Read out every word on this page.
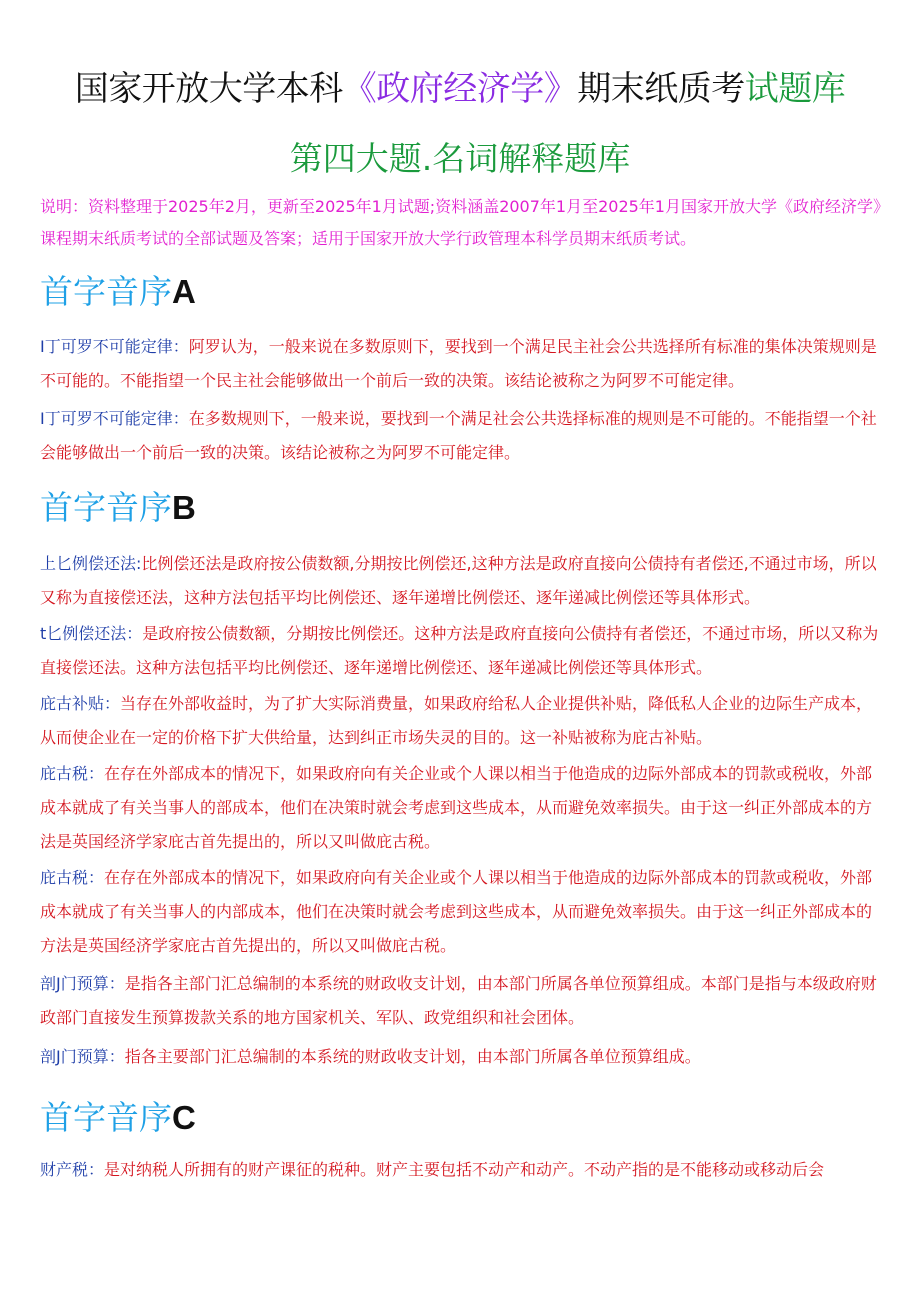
国家开放大学本科《政府经济学》期末纸质考试题库
第四大题.名词解释题库
说明：资料整理于2025年2月，更新至2025年1月试题;资料涵盖2007年1月至2025年1月国家开放大学《政府经济学》课程期末纸质考试的全部试题及答案；适用于国家开放大学行政管理本科学员期末纸质考试。
首字音序A
I丁可罗不可能定律：阿罗认为，一般来说在多数原则下，要找到一个满足民主社会公共选择所有标准的集体决策规则是不可能的。不能指望一个民主社会能够做出一个前后一致的决策。该结论被称之为阿罗不可能定律。
I丁可罗不可能定律：在多数规则下，一般来说，要找到一个满足社会公共选择标准的规则是不可能的。不能指望一个社会能够做出一个前后一致的决策。该结论被称之为阿罗不可能定律。
首字音序B
上匕例偿还法:比例偿还法是政府按公债数额,分期按比例偿还,这种方法是政府直接向公债持有者偿还,不通过市场，所以又称为直接偿还法，这种方法包括平均比例偿还、逐年递增比例偿还、逐年递减比例偿还等具体形式。
t匕例偿还法：是政府按公债数额，分期按比例偿还。这种方法是政府直接向公债持有者偿还，不通过市场，所以又称为直接偿还法。这种方法包括平均比例偿还、逐年递增比例偿还、逐年递减比例偿还等具体形式。
庇古补贴：当存在外部收益时，为了扩大实际消费量，如果政府给私人企业提供补贴，降低私人企业的边际生产成本，从而使企业在一定的价格下扩大供给量，达到纠正市场失灵的目的。这一补贴被称为庇古补贴。
庇古税：在存在外部成本的情况下，如果政府向有关企业或个人课以相当于他造成的边际外部成本的罚款或税收，外部成本就成了有关当事人的部成本，他们在决策时就会考虑到这些成本，从而避免效率损失。由于这一纠正外部成本的方法是英国经济学家庇古首先提出的，所以又叫做庇古税。
庇古税：在存在外部成本的情况下，如果政府向有关企业或个人课以相当于他造成的边际外部成本的罚款或税收，外部成本就成了有关当事人的内部成本，他们在决策时就会考虑到这些成本，从而避免效率损失。由于这一纠正外部成本的方法是英国经济学家庇古首先提出的，所以又叫做庇古税。
剖J门预算：是指各主部门汇总编制的本系统的财政收支计划，由本部门所属各单位预算组成。本部门是指与本级政府财政部门直接发生预算拨款关系的地方国家机关、军队、政党组织和社会团体。
剖J门预算：指各主要部门汇总编制的本系统的财政收支计划，由本部门所属各单位预算组成。
首字音序C
财产税：是对纳税人所拥有的财产课征的税种。财产主要包括不动产和动产。不动产指的是不能移动或移动后会
